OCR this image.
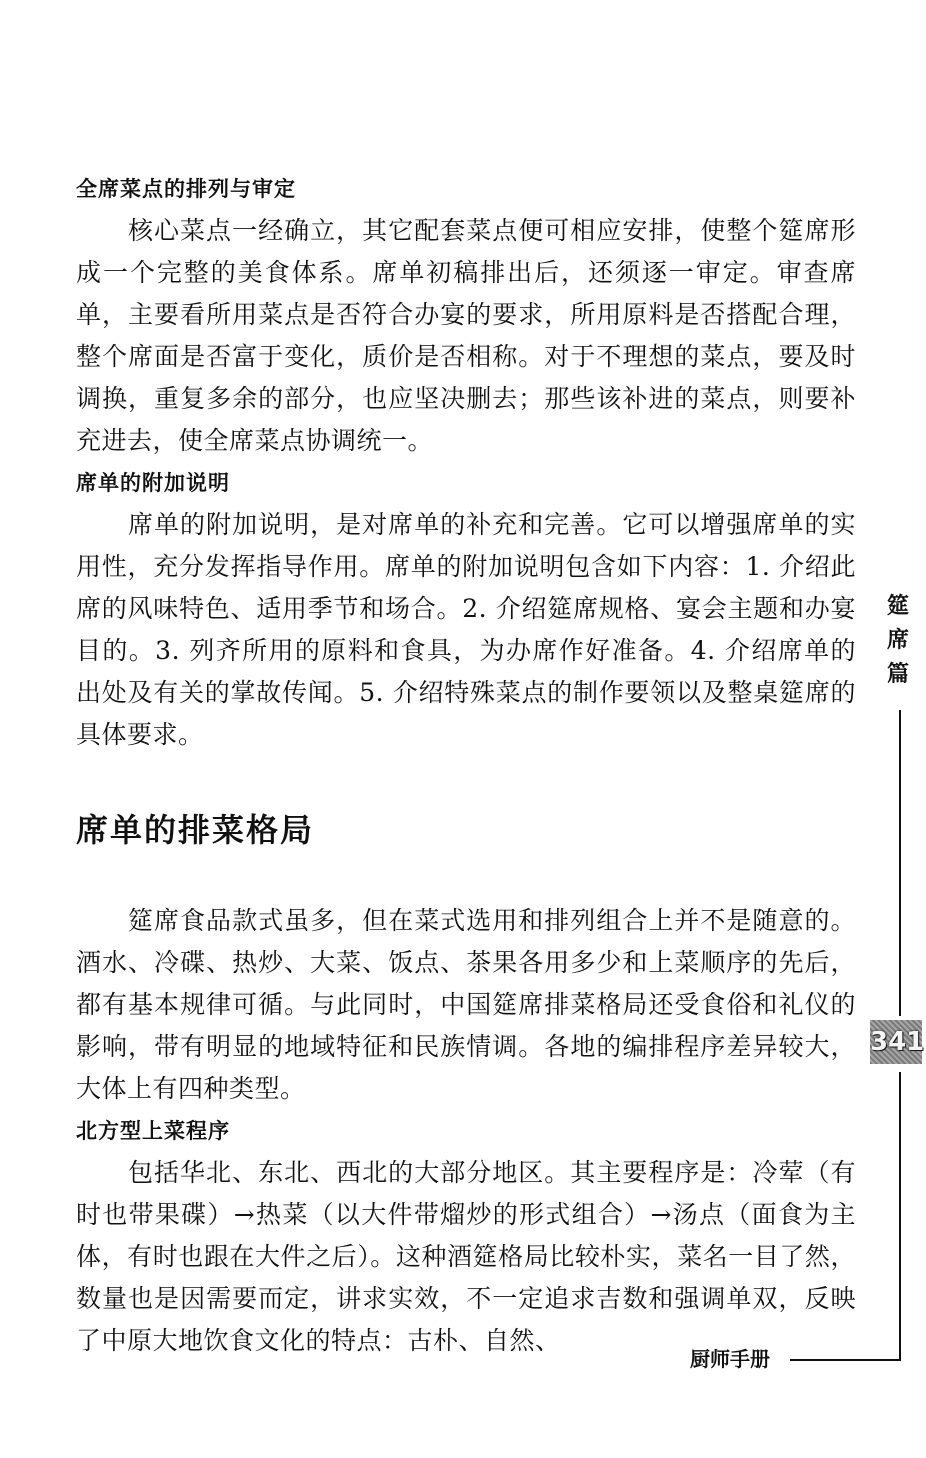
全席菜点的排列与审定

核心菜点一经确立，其它配套菜点便可相应安排，使整个筵席形成一个完整的美食体系。席单初稿排出后，还须逐一审定。审查席单，主要看所用菜点是否符合办宴的要求，所用原料是否搭配合理，整个席面是否富于变化，质价是否相称。对于不理想的菜点，要及时调换，重复多余的部分，也应坚决删去；那些该补进的菜点，则要补充进去，使全席菜点协调统一。

席单的附加说明

席单的附加说明，是对席单的补充和完善。它可以增强席单的实用性，充分发挥指导作用。席单的附加说明包含如下内容：1. 介绍此席的风味特色、适用季节和场合。2. 介绍筵席规格、宴会主题和办宴目的。3. 列齐所用的原料和食具，为办席作好准备。4. 介绍席单的出处及有关的掌故传闻。5. 介绍特殊菜点的制作要领以及整桌筵席的具体要求。

席单的排菜格局

筵席食品款式虽多，但在菜式选用和排列组合上并不是随意的。酒水、冷碟、热炒、大菜、饭点、茶果各用多少和上菜顺序的先后，都有基本规律可循。与此同时，中国筵席排菜格局还受食俗和礼仪的影响，带有明显的地域特征和民族情调。各地的编排程序差异较大，大体上有四种类型。

北方型上菜程序

包括华北、东北、西北的大部分地区。其主要程序是：冷荤（有时也带果碟）→热菜（以大件带熘炒的形式组合）→汤点（面食为主体，有时也跟在大件之后）。这种酒筵格局比较朴实，菜名一目了然，数量也是因需要而定，讲求实效，不一定追求吉数和强调单双，反映了中原大地饮食文化的特点：古朴、自然、

筵
席
篇
341
厨师手册
